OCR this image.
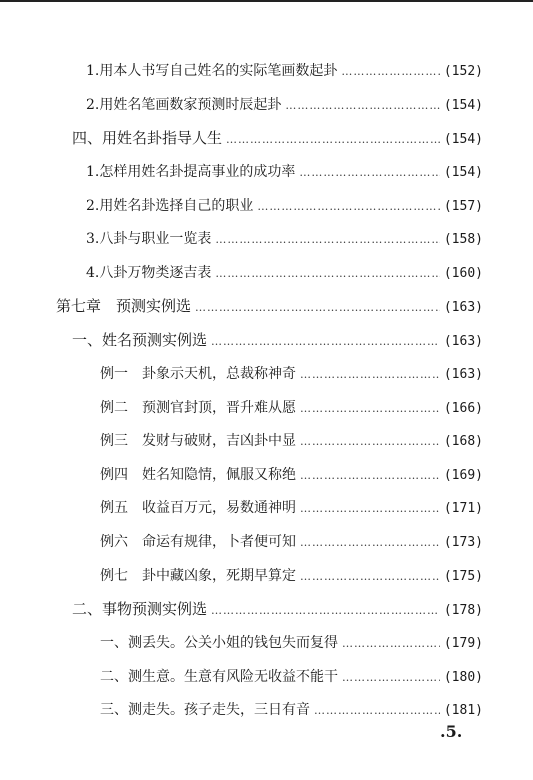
1.用本人书写自己姓名的实际笔画数起卦 ………………………………………………………………………………………………………………………………	(152)
2.用姓名笔画数家预测时辰起卦 ………………………………………………………………………………………………………………………………	(154)
四、用姓名卦指导人生 ………………………………………………………………………………………………………………………………	(154)
1.怎样用姓名卦提高事业的成功率 ………………………………………………………………………………………………………………………………	(154)
2.用姓名卦选择自己的职业 ………………………………………………………………………………………………………………………………	(157)
3.八卦与职业一览表 ………………………………………………………………………………………………………………………………	(158)
4.八卦万物类逐吉表 ………………………………………………………………………………………………………………………………	(160)
第七章　预测实例选 ………………………………………………………………………………………………………………………………	(163)
一、姓名预测实例选 ………………………………………………………………………………………………………………………………	(163)
例一　卦象示天机，总裁称神奇 ………………………………………………………………………………………………………………………………	(163)
例二　预测官封顶，晋升难从愿 ………………………………………………………………………………………………………………………………	(166)
例三　发财与破财，吉凶卦中显 ………………………………………………………………………………………………………………………………	(168)
例四　姓名知隐情，佩服又称绝 ………………………………………………………………………………………………………………………………	(169)
例五　收益百万元，易数通神明 ………………………………………………………………………………………………………………………………	(171)
例六　命运有规律，卜者便可知 ………………………………………………………………………………………………………………………………	(173)
例七　卦中藏凶象，死期早算定 ………………………………………………………………………………………………………………………………	(175)
二、事物预测实例选 ………………………………………………………………………………………………………………………………	(178)
一、测丢失。公关小姐的钱包失而复得 ………………………………………………………………………………………………………………………………	(179)
二、测生意。生意有风险无收益不能干 ………………………………………………………………………………………………………………………………	(180)
三、测走失。孩子走失，三日有音 ………………………………………………………………………………………………………………………………	(181)
.5.
